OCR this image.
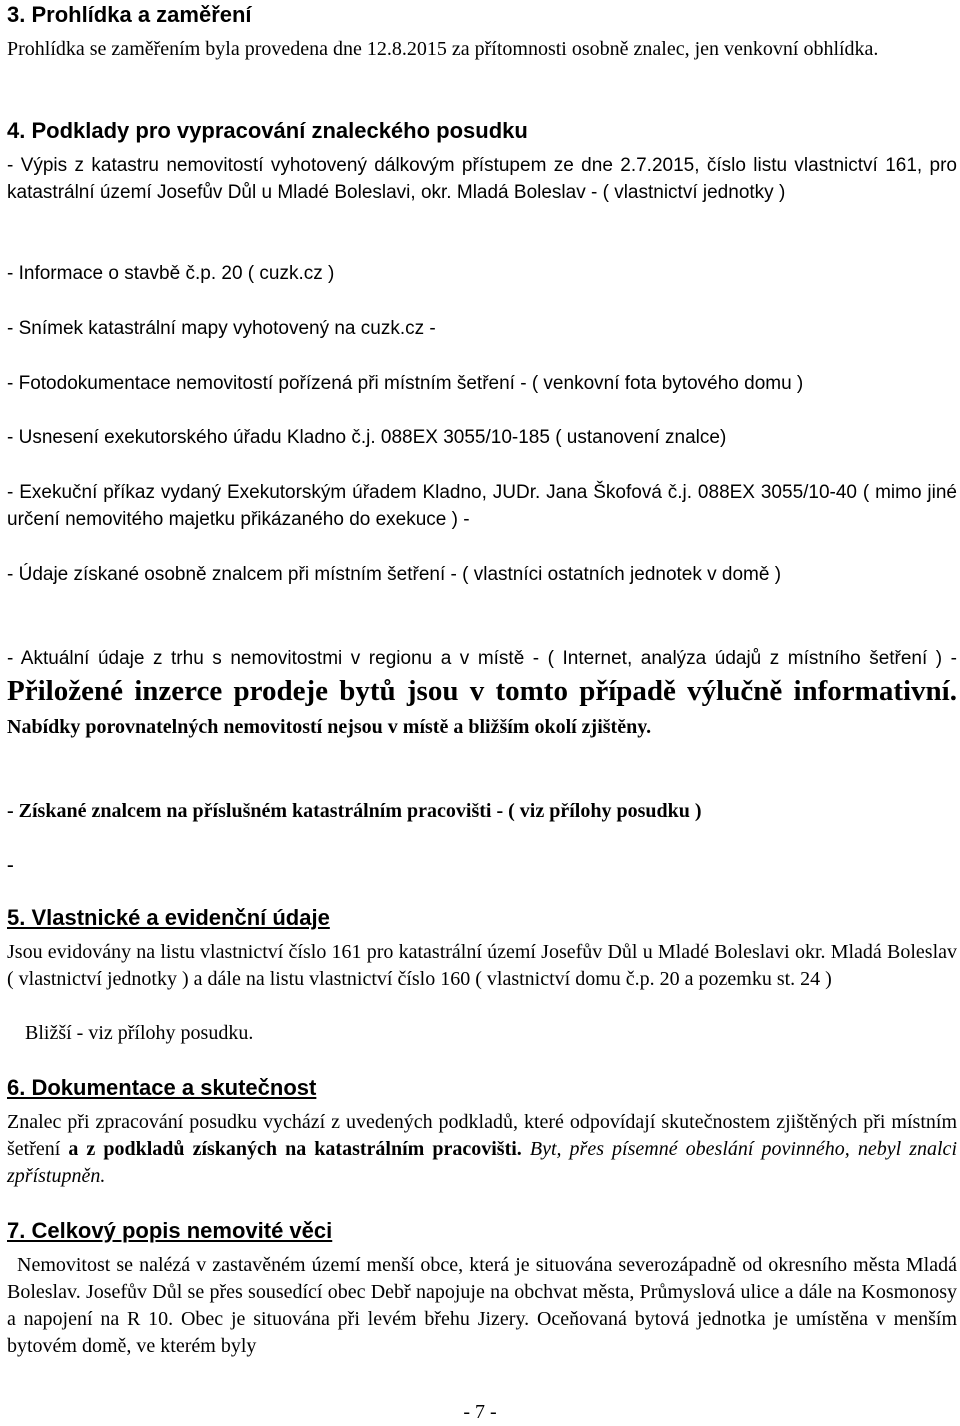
3. Prohlídka a zaměření

Prohlídka se zaměřením byla provedena dne 12.8.2015 za přítomnosti osobně znalec, jen venkovní obhlídka.

4. Podklady pro vypracování znaleckého posudku

- Výpis z katastru nemovitostí vyhotovený dálkovým přístupem ze dne 2.7.2015, číslo listu vlastnictví 161, pro katastrální území Josefův Důl u Mladé Boleslavi, okr. Mladá Boleslav - ( vlastnictví jednotky )

- Informace o stavbě č.p. 20 ( cuzk.cz )

- Snímek katastrální mapy vyhotovený na cuzk.cz -

- Fotodokumentace nemovitostí pořízená při místním šetření - ( venkovní fota bytového domu )

- Usnesení exekutorského úřadu Kladno č.j. 088EX 3055/10-185 ( ustanovení znalce)

- Exekuční příkaz vydaný Exekutorským úřadem Kladno, JUDr. Jana Škofová č.j. 088EX 3055/10-40 ( mimo jiné určení nemovitého majetku přikázaného do exekuce ) -

- Údaje získané osobně znalcem při místním šetření - ( vlastníci ostatních jednotek v domě )

- Aktuální údaje z trhu s nemovitostmi v regionu a v místě - ( Internet, analýza údajů z místního šetření ) - Přiložené inzerce prodeje bytů jsou v tomto případě výlučně informativní. Nabídky porovnatelných nemovitostí nejsou v místě a bližším okolí zjištěny.

- Získané znalcem na příslušném katastrálním pracovišti - ( viz přílohy posudku )

-

5. Vlastnické a evidenční údaje

Jsou evidovány na listu vlastnictví číslo 161 pro katastrální území Josefův Důl u Mladé Boleslavi okr. Mladá Boleslav ( vlastnictví jednotky ) a dále na listu vlastnictví číslo 160 ( vlastnictví domu č.p. 20 a pozemku st. 24 )

Bližší - viz přílohy posudku.

6. Dokumentace a skutečnost

Znalec při zpracování posudku vychází z uvedených podkladů, které odpovídají skutečnostem zjištěných při místním šetření a z podkladů získaných na katastrálním pracovišti. Byt, přes písemné obeslání povinného, nebyl znalci zpřístupněn.

7. Celkový popis nemovité věci

Nemovitost se nalézá v zastavěném území menší obce, která je situována severozápadně od okresního města Mladá Boleslav. Josefův Důl se přes sousedící obec Debř napojuje na obchvat města, Průmyslová ulice a dále na Kosmonosy a napojení na R 10. Obec je situována při levém břehu Jizery. Oceňovaná bytová jednotka je umístěna v menším bytovém domě, ve kterém byly

- 7 -
